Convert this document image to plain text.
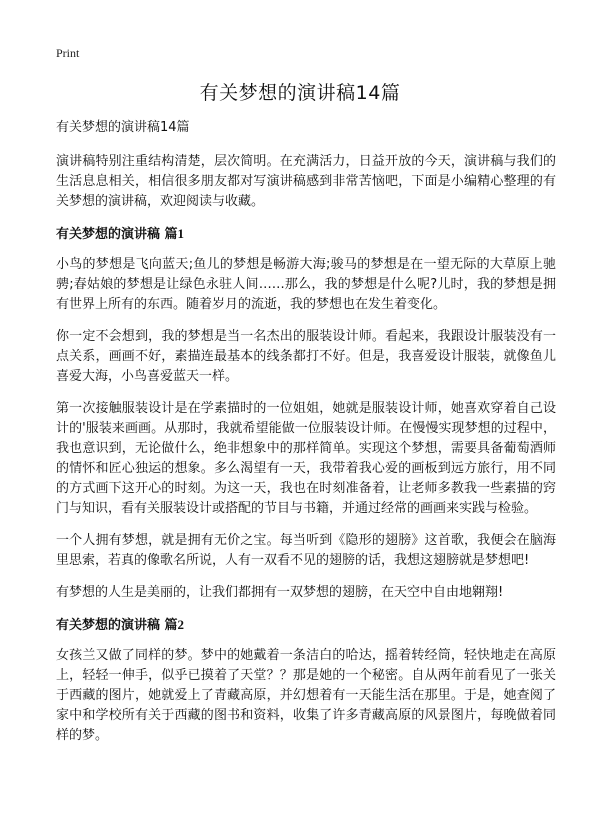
Print
有关梦想的演讲稿14篇

有关梦想的演讲稿14篇

演讲稿特别注重结构清楚，层次简明。在充满活力，日益开放的今天，演讲稿与我们的生活息息相关，相信很多朋友都对写演讲稿感到非常苦恼吧，下面是小编精心整理的有关梦想的演讲稿，欢迎阅读与收藏。

有关梦想的演讲稿 篇1

小鸟的梦想是飞向蓝天;鱼儿的梦想是畅游大海;骏马的梦想是在一望无际的大草原上驰骋;春姑娘的梦想是让绿色永驻人间……那么，我的梦想是什么呢?儿时，我的梦想是拥有世界上所有的东西。随着岁月的流逝，我的梦想也在发生着变化。

你一定不会想到，我的梦想是当一名杰出的服装设计师。看起来，我跟设计服装没有一点关系，画画不好，素描连最基本的线条都打不好。但是，我喜爱设计服装，就像鱼儿喜爱大海，小鸟喜爱蓝天一样。

第一次接触服装设计是在学素描时的一位姐姐，她就是服装设计师，她喜欢穿着自己设计的'服装来画画。从那时，我就希望能做一位服装设计师。在慢慢实现梦想的过程中，我也意识到，无论做什么，绝非想象中的那样简单。实现这个梦想，需要具备葡萄酒师的情怀和匠心独运的想象。多么渴望有一天，我带着我心爱的画板到远方旅行，用不同的方式画下这开心的时刻。为这一天，我也在时刻准备着，让老师多教我一些素描的窍门与知识，看有关服装设计或搭配的节目与书籍，并通过经常的画画来实践与检验。

一个人拥有梦想，就是拥有无价之宝。每当听到《隐形的翅膀》这首歌，我便会在脑海里思索，若真的像歌名所说，人有一双看不见的翅膀的话，我想这翅膀就是梦想吧!

有梦想的人生是美丽的，让我们都拥有一双梦想的翅膀，在天空中自由地翱翔!

有关梦想的演讲稿 篇2

女孩兰又做了同样的梦。梦中的她戴着一条洁白的哈达，摇着转经筒，轻快地走在高原上，轻轻一伸手，似乎已摸着了天堂？？那是她的一个秘密。自从两年前看见了一张关于西藏的图片，她就爱上了青藏高原，并幻想着有一天能生活在那里。于是，她查阅了家中和学校所有关于西藏的图书和资料，收集了许多青藏高原的风景图片，每晚做着同样的梦。
